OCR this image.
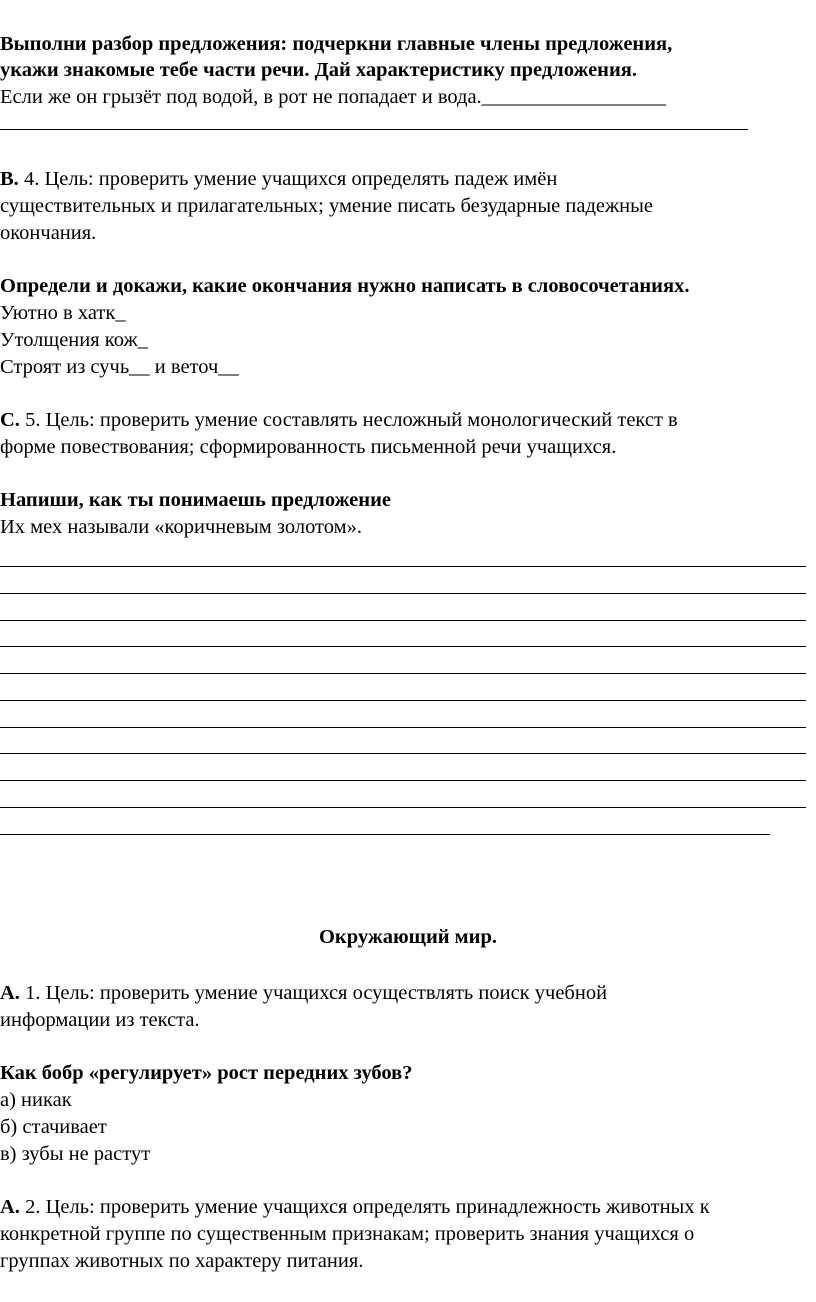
Выполни разбор предложения: подчеркни главные члены предложения,
укажи знакомые тебе части речи. Дай характеристику предложения.
Если же он грызёт под водой, в рот не попадает и вода.__________________
В. 4. Цель: проверить умение учащихся определять падеж имён
существительных и прилагательных; умение писать безударные падежные
окончания.
Определи и докажи, какие окончания нужно написать в словосочетаниях.
Уютно в хатк_
Утолщения кож_
Строят из сучь__ и веточ__
С. 5. Цель: проверить умение составлять несложный монологический текст в
форме повествования; сформированность письменной речи учащихся.
Напиши, как ты понимаешь предложение
Их мех называли «коричневым золотом».
Окружающий мир.
А. 1. Цель: проверить умение учащихся осуществлять поиск учебной
информации из текста.
Как бобр «регулирует» рост передних зубов?
а) никак
б) стачивает
в) зубы не растут
А. 2. Цель: проверить умение учащихся определять принадлежность животных к
конкретной группе по существенным признакам; проверить знания учащихся о
группах животных по характеру питания.
